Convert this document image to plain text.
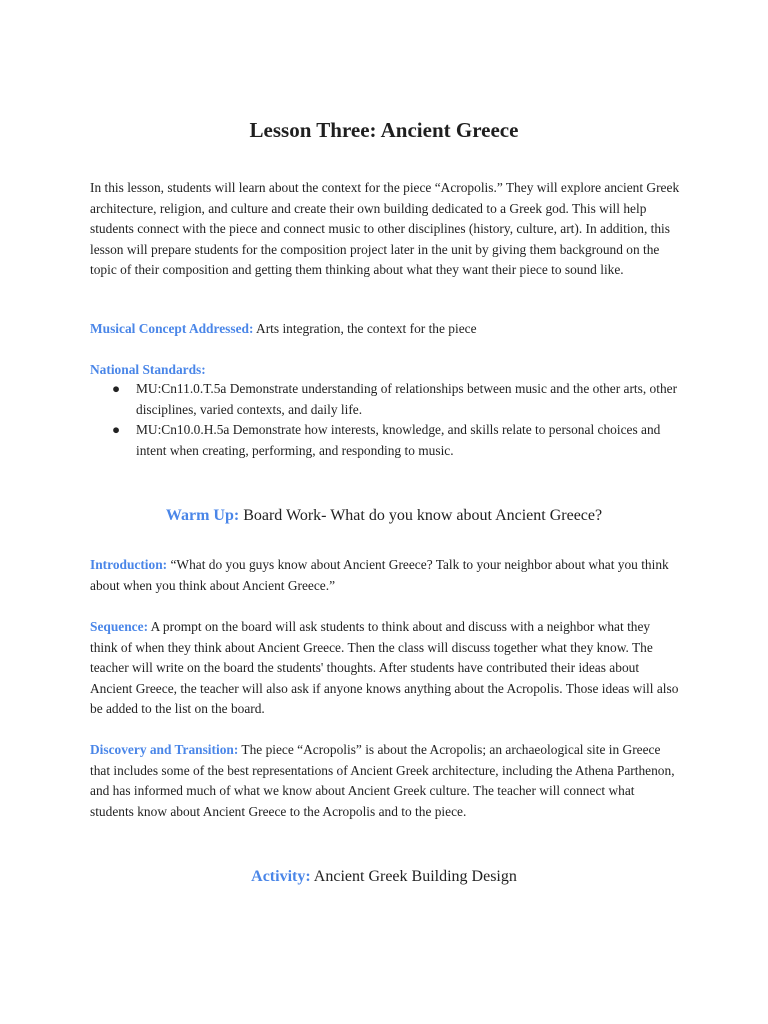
Lesson Three: Ancient Greece

In this lesson, students will learn about the context for the piece “Acropolis.” They will explore ancient Greek architecture, religion, and culture and create their own building dedicated to a Greek god. This will help students connect with the piece and connect music to other disciplines (history, culture, art). In addition, this lesson will prepare students for the composition project later in the unit by giving them background on the topic of their composition and getting them thinking about what they want their piece to sound like.

Musical Concept Addressed: Arts integration, the context for the piece

National Standards:

● MU:Cn11.0.T.5a Demonstrate understanding of relationships between music and the other arts, other disciplines, varied contexts, and daily life.
● MU:Cn10.0.H.5a Demonstrate how interests, knowledge, and skills relate to personal choices and intent when creating, performing, and responding to music.

Warm Up: Board Work- What do you know about Ancient Greece?

Introduction: “What do you guys know about Ancient Greece? Talk to your neighbor about what you think about when you think about Ancient Greece.”

Sequence: A prompt on the board will ask students to think about and discuss with a neighbor what they think of when they think about Ancient Greece. Then the class will discuss together what they know. The teacher will write on the board the students' thoughts. After students have contributed their ideas about Ancient Greece, the teacher will also ask if anyone knows anything about the Acropolis. Those ideas will also be added to the list on the board.

Discovery and Transition: The piece “Acropolis” is about the Acropolis; an archaeological site in Greece that includes some of the best representations of Ancient Greek architecture, including the Athena Parthenon, and has informed much of what we know about Ancient Greek culture. The teacher will connect what students know about Ancient Greece to the Acropolis and to the piece.

Activity: Ancient Greek Building Design
